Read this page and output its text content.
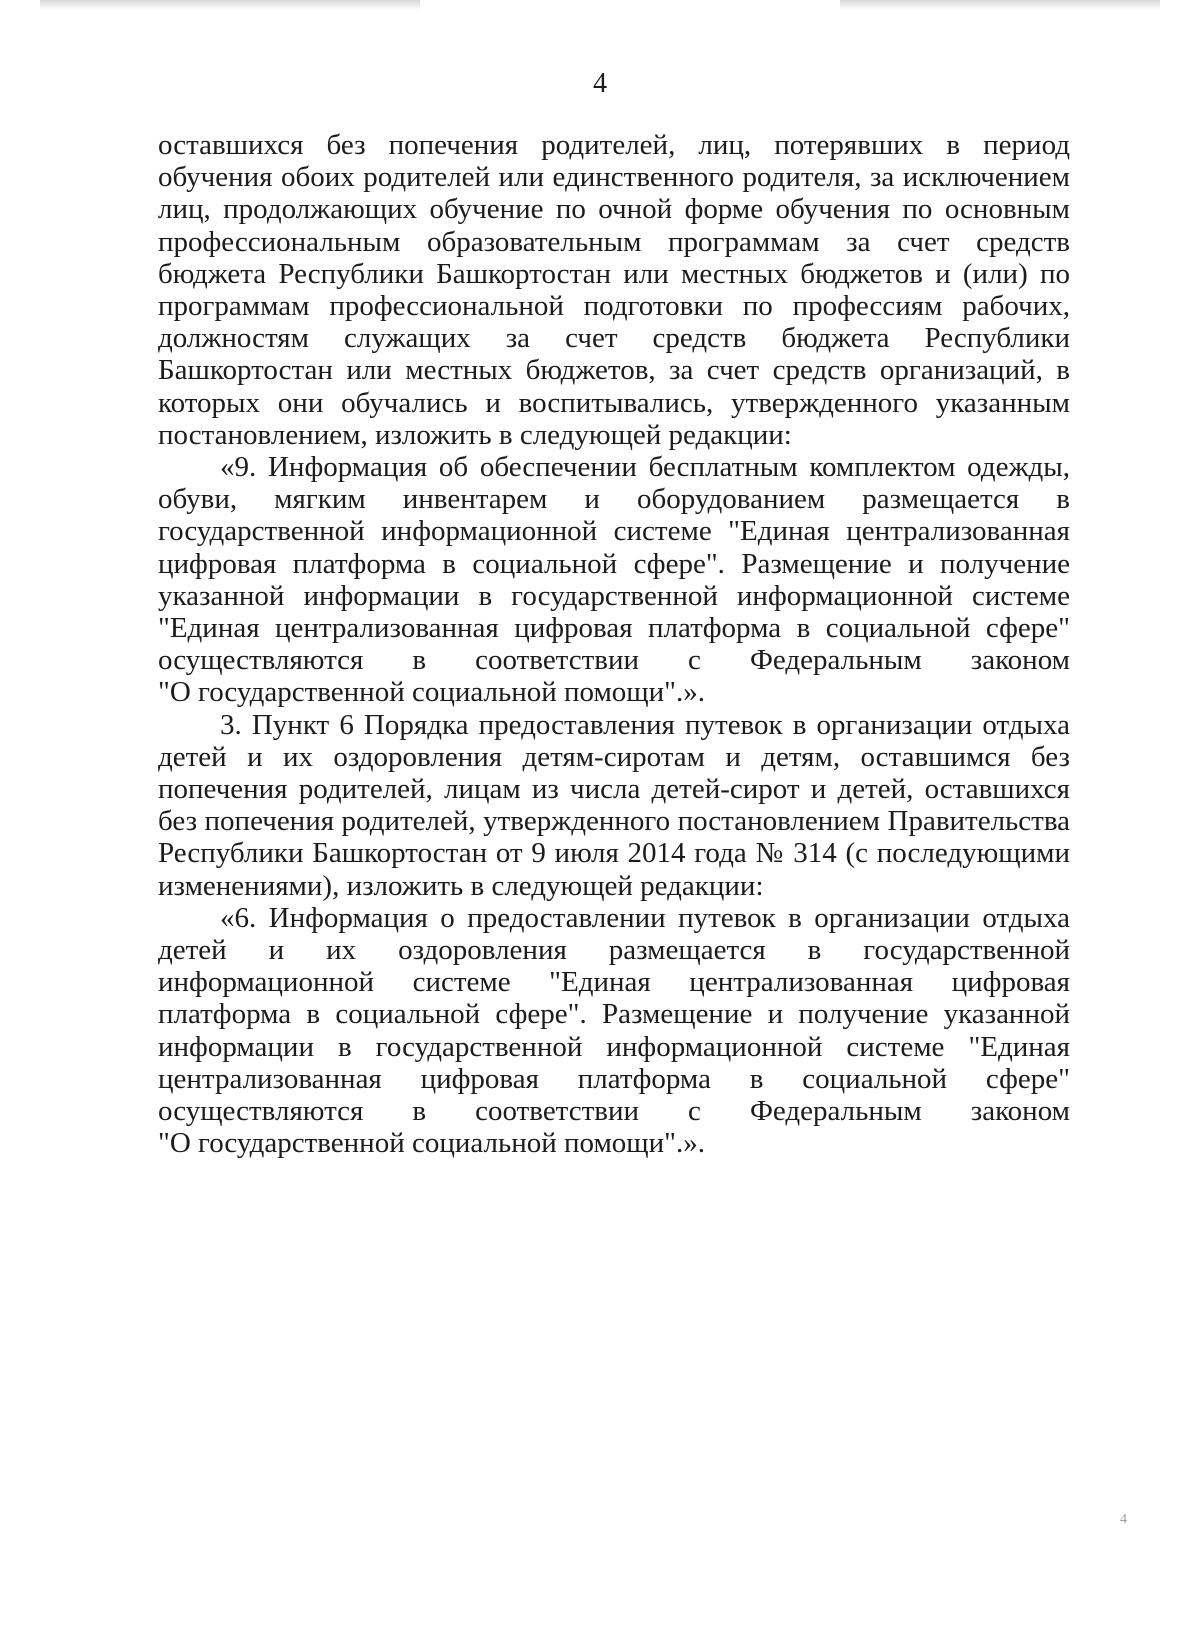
4

оставшихся без попечения родителей, лиц, потерявших в период
обучения обоих родителей или единственного родителя, за исключением
лиц, продолжающих обучение по очной форме обучения по основным
профессиональным образовательным программам за счет средств
бюджета Республики Башкортостан или местных бюджетов и (или) по
программам профессиональной подготовки по профессиям рабочих,
должностям служащих за счет средств бюджета Республики
Башкортостан или местных бюджетов, за счет средств организаций, в
которых они обучались и воспитывались, утвержденного указанным
постановлением, изложить в следующей редакции:

«9. Информация об обеспечении бесплатным комплектом одежды,
обуви, мягким инвентарем и оборудованием размещается в
государственной информационной системе "Единая централизованная
цифровая платформа в социальной сфере". Размещение и получение
указанной информации в государственной информационной системе
"Единая централизованная цифровая платформа в социальной сфере"
осуществляются в соответствии с Федеральным законом
"О государственной социальной помощи".».

3. Пункт 6 Порядка предоставления путевок в организации отдыха
детей и их оздоровления детям-сиротам и детям, оставшимся без
попечения родителей, лицам из числа детей-сирот и детей, оставшихся
без попечения родителей, утвержденного постановлением Правительства
Республики Башкортостан от 9 июля 2014 года № 314 (с последующими
изменениями), изложить в следующей редакции:

«6. Информация о предоставлении путевок в организации отдыха
детей и их оздоровления размещается в государственной
информационной системе "Единая централизованная цифровая
платформа в социальной сфере". Размещение и получение указанной
информации в государственной информационной системе "Единая
централизованная цифровая платформа в социальной сфере"
осуществляются в соответствии с Федеральным законом
"О государственной социальной помощи".».

4
